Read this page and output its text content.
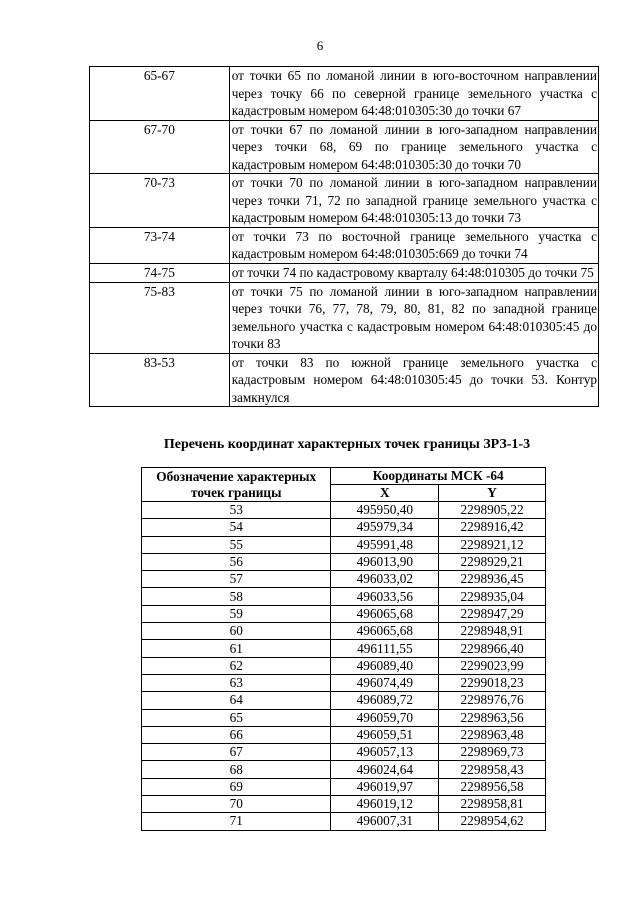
6
65-67	от точки 65 по ломаной линии в юго-восточном направлении через точку 66 по северной границе земельного участка с кадастровым номером 64:48:010305:30 до точки 67
67-70	от точки 67 по ломаной линии в юго-западном направлении через точки 68, 69 по границе земельного участка с кадастровым номером 64:48:010305:30 до точки 70
70-73	от точки 70 по ломаной линии в юго-западном направлении через точки 71, 72 по западной границе земельного участка с кадастровым номером 64:48:010305:13 до точки 73
73-74	от точки 73 по восточной границе земельного участка с кадастровым номером 64:48:010305:669 до точки 74
74-75	от точки 74 по кадастровому кварталу 64:48:010305 до точки 75
75-83	от точки 75 по ломаной линии в юго-западном направлении через точки 76, 77, 78, 79, 80, 81, 82 по западной границе земельного участка с кадастровым номером 64:48:010305:45 до точки 83
83-53	от точки 83 по южной границе земельного участка с кадастровым номером 64:48:010305:45 до точки 53. Контур замкнулся
Перечень координат характерных точек границы ЗРЗ-1-3
Обозначение характерных точек границы	Координаты МСК -64	
	X	Y
53	495950,40	2298905,22
54	495979,34	2298916,42
55	495991,48	2298921,12
56	496013,90	2298929,21
57	496033,02	2298936,45
58	496033,56	2298935,04
59	496065,68	2298947,29
60	496065,68	2298948,91
61	496111,55	2298966,40
62	496089,40	2299023,99
63	496074,49	2299018,23
64	496089,72	2298976,76
65	496059,70	2298963,56
66	496059,51	2298963,48
67	496057,13	2298969,73
68	496024,64	2298958,43
69	496019,97	2298956,58
70	496019,12	2298958,81
71	496007,31	2298954,62
